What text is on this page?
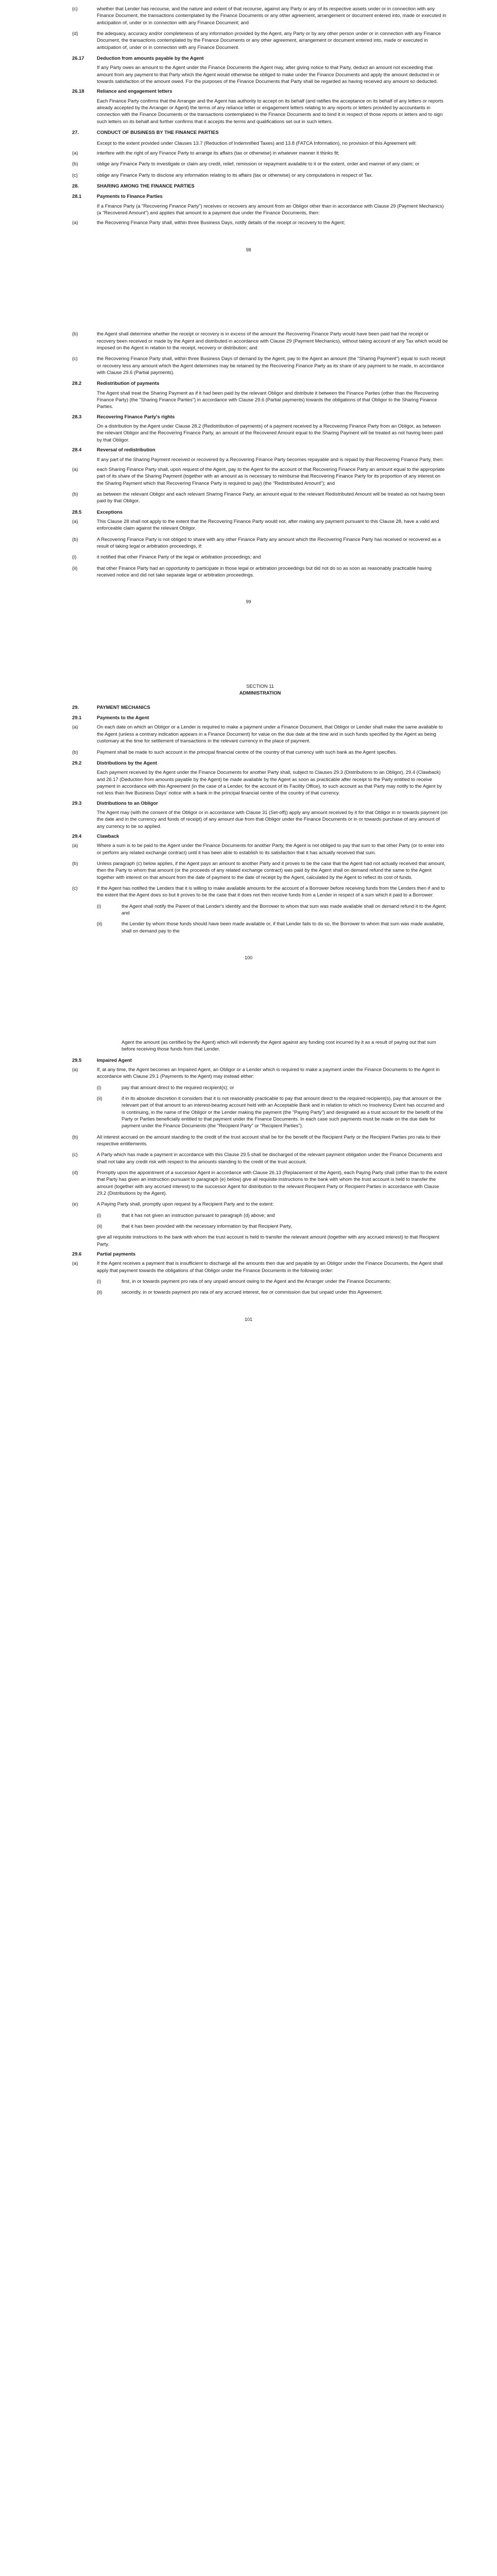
(c)	whether that Lender has recourse, and the nature and extent of that recourse, against any Party or any of its respective assets under or in connection with any Finance Document, the transactions contemplated by the Finance Documents or any other agreement, arrangement or document entered into, made or executed in anticipation of, under or in connection with any Finance Document; and
(d)	the adequacy, accuracy and/or completeness of any information provided by the Agent, any Party or by any other person under or in connection with any Finance Document, the transactions contemplated by the Finance Documents or any other agreement, arrangement or document entered into, made or executed in anticipation of, under or in connection with any Finance Document.
26.17	Deduction from amounts payable by the Agent
If any Party owes an amount to the Agent under the Finance Documents the Agent may, after giving notice to that Party, deduct an amount not exceeding that amount from any payment to that Party which the Agent would otherwise be obliged to make under the Finance Documents and apply the amount deducted in or towards satisfaction of the amount owed. For the purposes of the Finance Documents that Party shall be regarded as having received any amount so deducted.
26.18	Reliance and engagement letters
Each Finance Party confirms that the Arranger and the Agent has authority to accept on its behalf (and ratifies the acceptance on its behalf of any letters or reports already accepted by the Arranger or Agent) the terms of any reliance letter or engagement letters relating to any reports or letters provided by accountants in connection with the Finance Documents or the transactions contemplated in the Finance Documents and to bind it in respect of those reports or letters and to sign such letters on its behalf and further confirms that it accepts the terms and qualifications set out in such letters.
27.	CONDUCT OF BUSINESS BY THE FINANCE PARTIES
Except to the extent provided under Clauses 13.7 (Reduction of Indemnified Taxes) and 13.8 (FATCA Information), no provision of this Agreement will:
(a)	interfere with the right of any Finance Party to arrange its affairs (tax or otherwise) in whatever manner it thinks fit;
(b)	oblige any Finance Party to investigate or claim any credit, relief, remission or repayment available to it or the extent, order and manner of any claim; or
(c)	oblige any Finance Party to disclose any information relating to its affairs (tax or otherwise) or any computations in respect of Tax.
28.	SHARING AMONG THE FINANCE PARTIES
28.1	Payments to Finance Parties
If a Finance Party (a "Recovering Finance Party") receives or recovers any amount from an Obligor other than in accordance with Clause 29 (Payment Mechanics) (a "Recovered Amount") and applies that amount to a payment due under the Finance Documents, then:
(a)	the Recovering Finance Party shall, within three Business Days, notify details of the receipt or recovery to the Agent;
98
(b)	the Agent shall determine whether the receipt or recovery is in excess of the amount the Recovering Finance Party would have been paid had the receipt or recovery been received or made by the Agent and distributed in accordance with Clause 29 (Payment Mechanics), without taking account of any Tax which would be imposed on the Agent in relation to the receipt, recovery or distribution; and
(c)	the Recovering Finance Party shall, within three Business Days of demand by the Agent, pay to the Agent an amount (the "Sharing Payment") equal to such receipt or recovery less any amount which the Agent determines may be retained by the Recovering Finance Party as its share of any payment to be made, in accordance with Clause 29.6 (Partial payments).
28.2	Redistribution of payments
The Agent shall treat the Sharing Payment as if it had been paid by the relevant Obligor and distribute it between the Finance Parties (other than the Recovering Finance Party) (the "Sharing Finance Parties") in accordance with Clause 29.6 (Partial payments) towards the obligations of that Obligor to the Sharing Finance Parties.
28.3	Recovering Finance Party's rights
On a distribution by the Agent under Clause 28.2 (Redistribution of payments) of a payment received by a Recovering Finance Party from an Obligor, as between the relevant Obligor and the Recovering Finance Party, an amount of the Recovered Amount equal to the Sharing Payment will be treated as not having been paid by that Obligor.
28.4	Reversal of redistribution
If any part of the Sharing Payment received or recovered by a Recovering Finance Party becomes repayable and is repaid by that Recovering Finance Party, then:
(a)	each Sharing Finance Party shall, upon request of the Agent, pay to the Agent for the account of that Recovering Finance Party an amount equal to the appropriate part of its share of the Sharing Payment (together with an amount as is necessary to reimburse that Recovering Finance Party for its proportion of any interest on the Sharing Payment which that Recovering Finance Party is required to pay) (the "Redistributed Amount"); and
(b)	as between the relevant Obligor and each relevant Sharing Finance Party, an amount equal to the relevant Redistributed Amount will be treated as not having been paid by that Obligor.
28.5	Exceptions
(a)	This Clause 28 shall not apply to the extent that the Recovering Finance Party would not, after making any payment pursuant to this Clause 28, have a valid and enforceable claim against the relevant Obligor.
(b)	A Recovering Finance Party is not obliged to share with any other Finance Party any amount which the Recovering Finance Party has received or recovered as a result of taking legal or arbitration proceedings, if:
(i)	it notified that other Finance Party of the legal or arbitration proceedings; and
(ii)	that other Finance Party had an opportunity to participate in those legal or arbitration proceedings but did not do so as soon as reasonably practicable having received notice and did not take separate legal or arbitration proceedings.
99
SECTION 11
ADMINISTRATION
29.	PAYMENT MECHANICS
29.1	Payments to the Agent
(a)	On each date on which an Obligor or a Lender is required to make a payment under a Finance Document, that Obligor or Lender shall make the same available to the Agent (unless a contrary indication appears in a Finance Document) for value on the due date at the time and in such funds specified by the Agent as being customary at the time for settlement of transactions in the relevant currency in the place of payment.
(b)	Payment shall be made to such account in the principal financial centre of the country of that currency with such bank as the Agent specifies.
29.2	Distributions by the Agent
Each payment received by the Agent under the Finance Documents for another Party shall, subject to Clauses 29.3 (Distributions to an Obligor), 29.4 (Clawback) and 26.17 (Deduction from amounts payable by the Agent) be made available by the Agent as soon as practicable after receipt to the Party entitled to receive payment in accordance with this Agreement (in the case of a Lender, for the account of its Facility Office), to such account as that Party may notify to the Agent by not less than five Business Days' notice with a bank in the principal financial centre of the country of that currency.
29.3	Distributions to an Obligor
The Agent may (with the consent of the Obligor or in accordance with Clause 31 (Set-off)) apply any amount received by it for that Obligor in or towards payment (on the date and in the currency and funds of receipt) of any amount due from that Obligor under the Finance Documents or in or towards purchase of any amount of any currency to be so applied.
29.4	Clawback
(a)	Where a sum is to be paid to the Agent under the Finance Documents for another Party, the Agent is not obliged to pay that sum to that other Party (or to enter into or perform any related exchange contract) until it has been able to establish to its satisfaction that it has actually received that sum.
(b)	Unless paragraph (c) below applies, if the Agent pays an amount to another Party and it proves to be the case that the Agent had not actually received that amount, then the Party to whom that amount (or the proceeds of any related exchange contract) was paid by the Agent shall on demand refund the same to the Agent together with interest on that amount from the date of payment to the date of receipt by the Agent, calculated by the Agent to reflect its cost of funds.
(c)	If the Agent has notified the Lenders that it is willing to make available amounts for the account of a Borrower before receiving funds from the Lenders then if and to the extent that the Agent does so but it proves to be the case that it does not then receive funds from a Lender in respect of a sum which it paid to a Borrower:
(i)	the Agent shall notify the Parent of that Lender's identity and the Borrower to whom that sum was made available shall on demand refund it to the Agent; and
(ii)	the Lender by whom those funds should have been made available or, if that Lender fails to do so, the Borrower to whom that sum was made available, shall on demand pay to the
100
Agent the amount (as certified by the Agent) which will indemnify the Agent against any funding cost incurred by it as a result of paying out that sum before receiving those funds from that Lender.
29.5	Impaired Agent
(a)	If, at any time, the Agent becomes an Impaired Agent, an Obligor or a Lender which is required to make a payment under the Finance Documents to the Agent in accordance with Clause 29.1 (Payments to the Agent) may instead either:
(i)	pay that amount direct to the required recipient(s); or
(ii)	if in its absolute discretion it considers that it is not reasonably practicable to pay that amount direct to the required recipient(s), pay that amount or the relevant part of that amount to an interest-bearing account held with an Acceptable Bank and in relation to which no Insolvency Event has occurred and is continuing, in the name of the Obligor or the Lender making the payment (the "Paying Party") and designated as a trust account for the benefit of the Party or Parties beneficially entitled to that payment under the Finance Documents. In each case such payments must be made on the due date for payment under the Finance Documents (the "Recipient Party" or "Recipient Parties").
(b)	All interest accrued on the amount standing to the credit of the trust account shall be for the benefit of the Recipient Party or the Recipient Parties pro rata to their respective entitlements.
(c)	A Party which has made a payment in accordance with this Clause 29.5 shall be discharged of the relevant payment obligation under the Finance Documents and shall not take any credit risk with respect to the amounts standing to the credit of the trust account.
(d)	Promptly upon the appointment of a successor Agent in accordance with Clause 26.13 (Replacement of the Agent), each Paying Party shall (other than to the extent that Party has given an instruction pursuant to paragraph (e) below) give all requisite instructions to the bank with whom the trust account is held to transfer the amount (together with any accrued interest) to the successor Agent for distribution to the relevant Recipient Party or Recipient Parties in accordance with Clause 29.2 (Distributions by the Agent).
(e)	A Paying Party shall, promptly upon request by a Recipient Party and to the extent:
(i)	that it has not given an instruction pursuant to paragraph (d) above; and
(ii)	that it has been provided with the necessary information by that Recipient Party,
give all requisite instructions to the bank with whom the trust account is held to transfer the relevant amount (together with any accrued interest) to that Recipient Party.
29.6	Partial payments
(a)	If the Agent receives a payment that is insufficient to discharge all the amounts then due and payable by an Obligor under the Finance Documents, the Agent shall apply that payment towards the obligations of that Obligor under the Finance Documents in the following order:
(i)	first, in or towards payment pro rata of any unpaid amount owing to the Agent and the Arranger under the Finance Documents;
(ii)	secondly, in or towards payment pro rata of any accrued interest, fee or commission due but unpaid under this Agreement;
101
